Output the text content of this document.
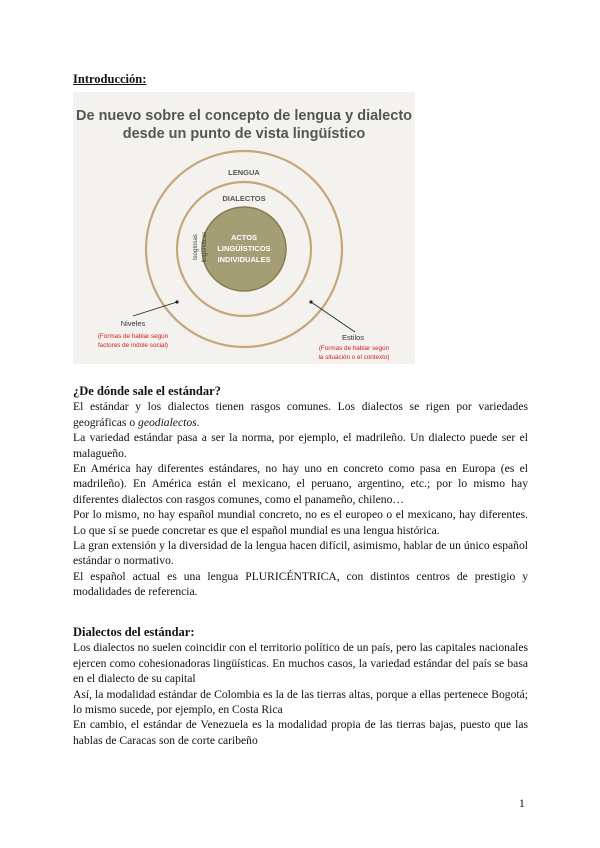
Introducción:

De nuevo sobre el concepto de lengua y dialecto
desde un punto de vista lingüístico
LENGUA
DIALECTOS
ACTOS
LINGÜÍSTICOS
INDIVIDUALES
isoglosas lingüísticas
Niveles
(Formas de hablar según
factores de índole social)
Estilos
(Formas de hablar según
la situación o el contexto)

¿De dónde sale el estándar?

El estándar y los dialectos tienen rasgos comunes. Los dialectos se rigen por variedades geográficas o geodialectos.

La variedad estándar pasa a ser la norma, por ejemplo, el madrileño. Un dialecto puede ser el malagueño.

En América hay diferentes estándares, no hay uno en concreto como pasa en Europa (es el madrileño). En América están el mexicano, el peruano, argentino, etc.; por lo mismo hay diferentes dialectos con rasgos comunes, como el panameño, chileno…

Por lo mismo, no hay español mundial concreto, no es el europeo o el mexicano, hay diferentes. Lo que sí se puede concretar es que el español mundial es una lengua histórica.

La gran extensión y la diversidad de la lengua hacen difícil, asimismo, hablar de un único español estándar o normativo.

El español actual es una lengua PLURICÉNTRICA, con distintos centros de prestigio y modalidades de referencia.

Dialectos del estándar:

Los dialectos no suelen coincidir con el territorio político de un país, pero las capitales nacionales ejercen como cohesionadoras lingüísticas. En muchos casos, la variedad estándar del país se basa en el dialecto de su capital

Así, la modalidad estándar de Colombia es la de las tierras altas, porque a ellas pertenece Bogotá; lo mismo sucede, por ejemplo, en Costa Rica

En cambio, el estándar de Venezuela es la modalidad propia de las tierras bajas, puesto que las hablas de Caracas son de corte caribeño

1
